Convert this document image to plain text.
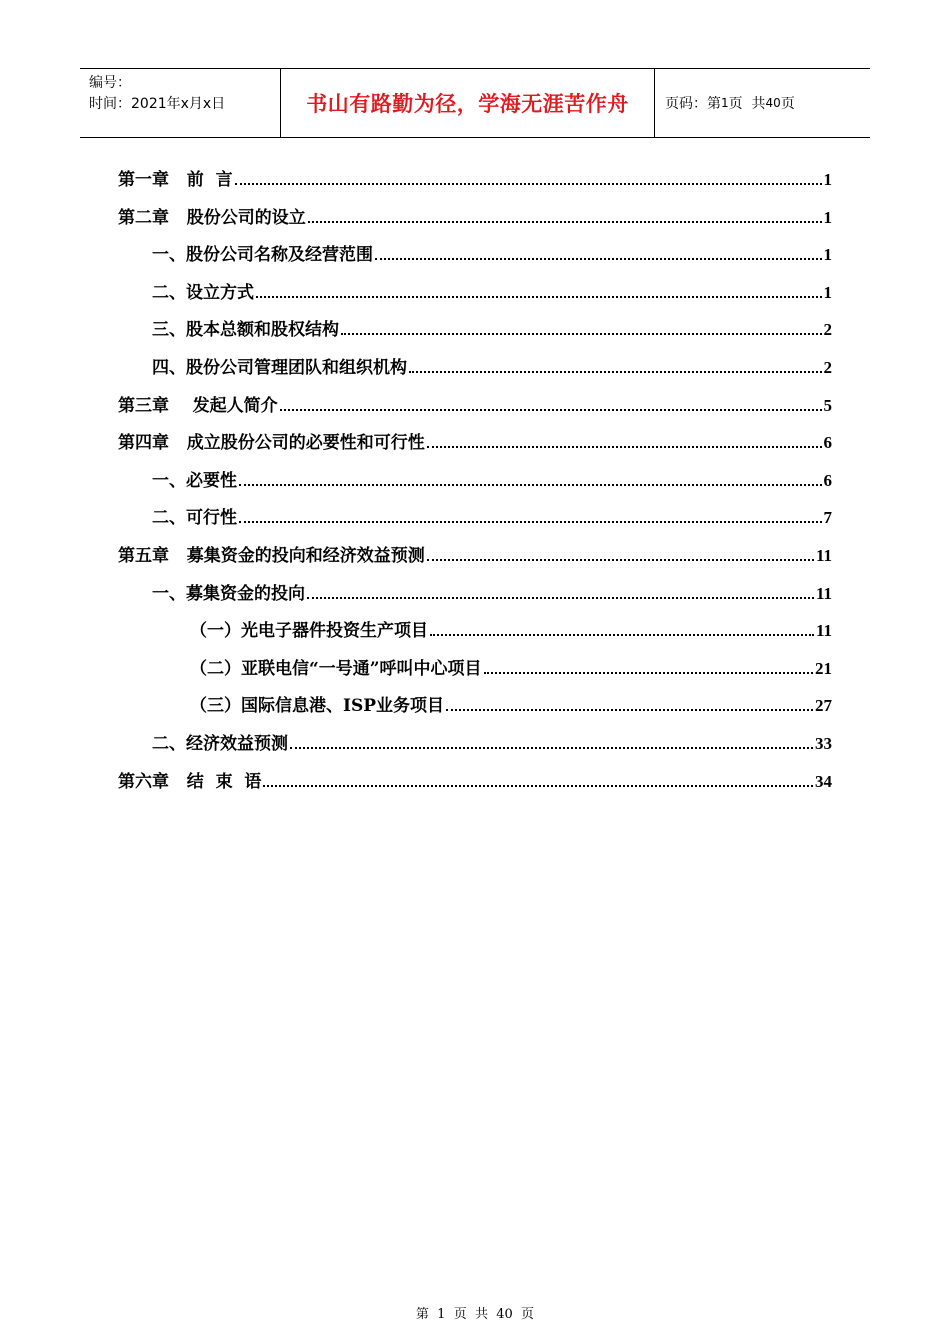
编号：
时间：2021年x月x日	书山有路勤为径，学海无涯苦作舟	页码：第 1 页  共 40 页
第一章   前  言	1
第二章   股份公司的设立	1
一、股份公司名称及经营范围	1
二、设立方式	1
三、股本总额和股权结构	2
四、股份公司管理团队和组织机构	2
第三章    发起人简介	5
第四章   成立股份公司的必要性和可行性	6
一、必要性	6
二、可行性	7
第五章   募集资金的投向和经济效益预测	11
一、募集资金的投向	11
（一）光电子器件投资生产项目	11
（二）亚联电信“一号通”呼叫中心项目	21
（三）国际信息港、ISP业务项目	27
二、经济效益预测	33
第六章   结  束  语	34
第  1  页  共  40  页
